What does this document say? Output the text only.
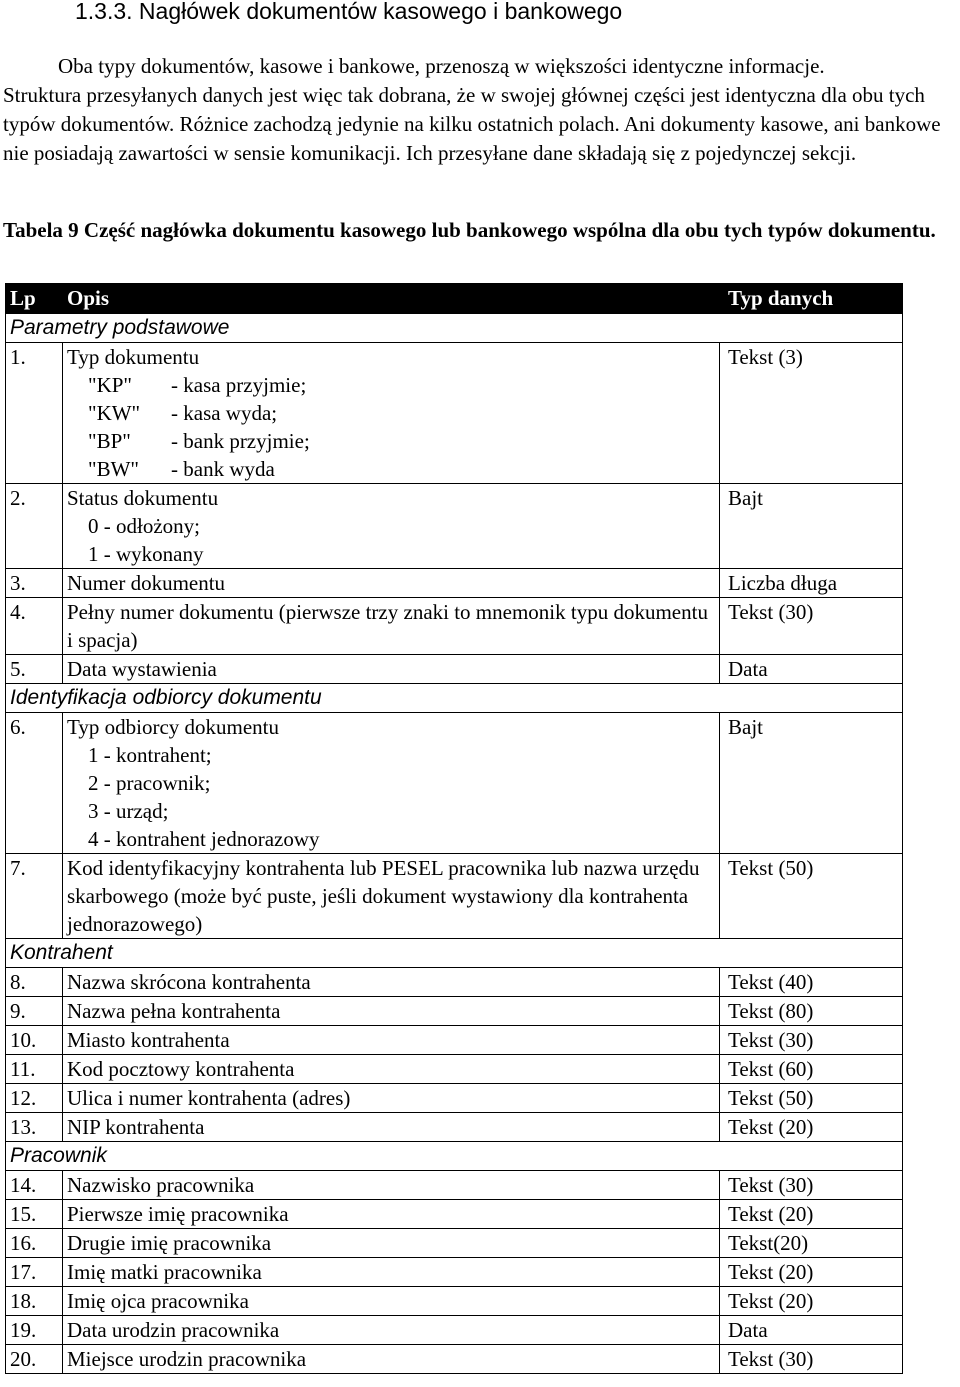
1.3.3. Nagłówek dokumentów kasowego i bankowego
Oba typy dokumentów, kasowe i bankowe, przenoszą w większości identyczne informacje.
Struktura przesyłanych danych jest więc tak dobrana, że w swojej głównej części jest identyczna dla obu tych typów dokumentów. Różnice zachodzą jedynie na kilku ostatnich polach. Ani dokumenty kasowe, ani bankowe nie posiadają zawartości w sensie komunikacji. Ich przesyłane dane składają się z pojedynczej sekcji.
Tabela 9 Część nagłówka dokumentu kasowego lub bankowego wspólna dla obu tych typów dokumentu.
Lp	Opis	Typ danych
Parametry podstawowe		
1.	Typ dokumentu
"KP" - kasa przyjmie;
"KW" - kasa wyda;
"BP" - bank przyjmie;
"BW" - bank wyda	Tekst (3)
2.	Status dokumentu
0 - odłożony;
1 - wykonany	Bajt
3.	Numer dokumentu	Liczba długa
4.	Pełny numer dokumentu (pierwsze trzy znaki to mnemonik typu dokumentu i spacja)	Tekst (30)
5.	Data wystawienia	Data
Identyfikacja odbiorcy dokumentu		
6.	Typ odbiorcy dokumentu
1 - kontrahent;
2 - pracownik;
3 - urząd;
4 - kontrahent jednorazowy	Bajt
7.	Kod identyfikacyjny kontrahenta lub PESEL pracownika lub nazwa urzędu skarbowego (może być puste, jeśli dokument wystawiony dla kontrahenta jednorazowego)	Tekst (50)
Kontrahent		
8.	Nazwa skrócona kontrahenta	Tekst (40)
9.	Nazwa pełna kontrahenta	Tekst (80)
10.	Miasto kontrahenta	Tekst (30)
11.	Kod pocztowy kontrahenta	Tekst (60)
12.	Ulica i numer kontrahenta (adres)	Tekst (50)
13.	NIP kontrahenta	Tekst (20)
Pracownik		
14.	Nazwisko pracownika	Tekst (30)
15.	Pierwsze imię pracownika	Tekst (20)
16.	Drugie imię pracownika	Tekst(20)
17.	Imię matki pracownika	Tekst (20)
18.	Imię ojca pracownika	Tekst (20)
19.	Data urodzin pracownika	Data
20.	Miejsce urodzin pracownika	Tekst (30)
